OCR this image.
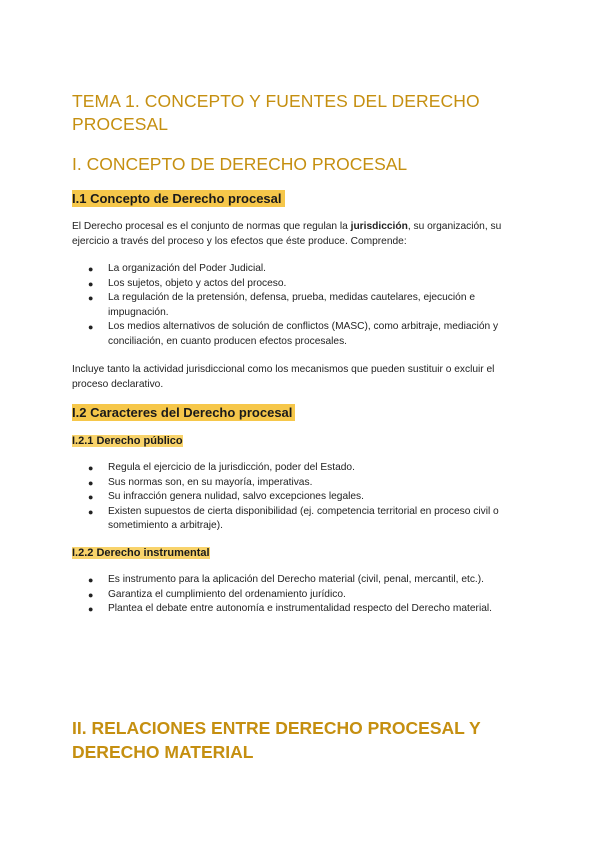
TEMA 1. CONCEPTO Y FUENTES DEL DERECHO PROCESAL
I. CONCEPTO DE DERECHO PROCESAL
I.1 Concepto de Derecho procesal

El Derecho procesal es el conjunto de normas que regulan la jurisdicción, su organización, su ejercicio a través del proceso y los efectos que éste produce. Comprende:

● La organización del Poder Judicial.
● Los sujetos, objeto y actos del proceso.
● La regulación de la pretensión, defensa, prueba, medidas cautelares, ejecución e impugnación.
● Los medios alternativos de solución de conflictos (MASC), como arbitraje, mediación y conciliación, en cuanto producen efectos procesales.

Incluye tanto la actividad jurisdiccional como los mecanismos que pueden sustituir o excluir el proceso declarativo.

I.2 Caracteres del Derecho procesal
I.2.1 Derecho público
● Regula el ejercicio de la jurisdicción, poder del Estado.
● Sus normas son, en su mayoría, imperativas.
● Su infracción genera nulidad, salvo excepciones legales.
● Existen supuestos de cierta disponibilidad (ej. competencia territorial en proceso civil o sometimiento a arbitraje).
I.2.2 Derecho instrumental
● Es instrumento para la aplicación del Derecho material (civil, penal, mercantil, etc.).
● Garantiza el cumplimiento del ordenamiento jurídico.
● Plantea el debate entre autonomía e instrumentalidad respecto del Derecho material.
II. RELACIONES ENTRE DERECHO PROCESAL Y DERECHO MATERIAL
